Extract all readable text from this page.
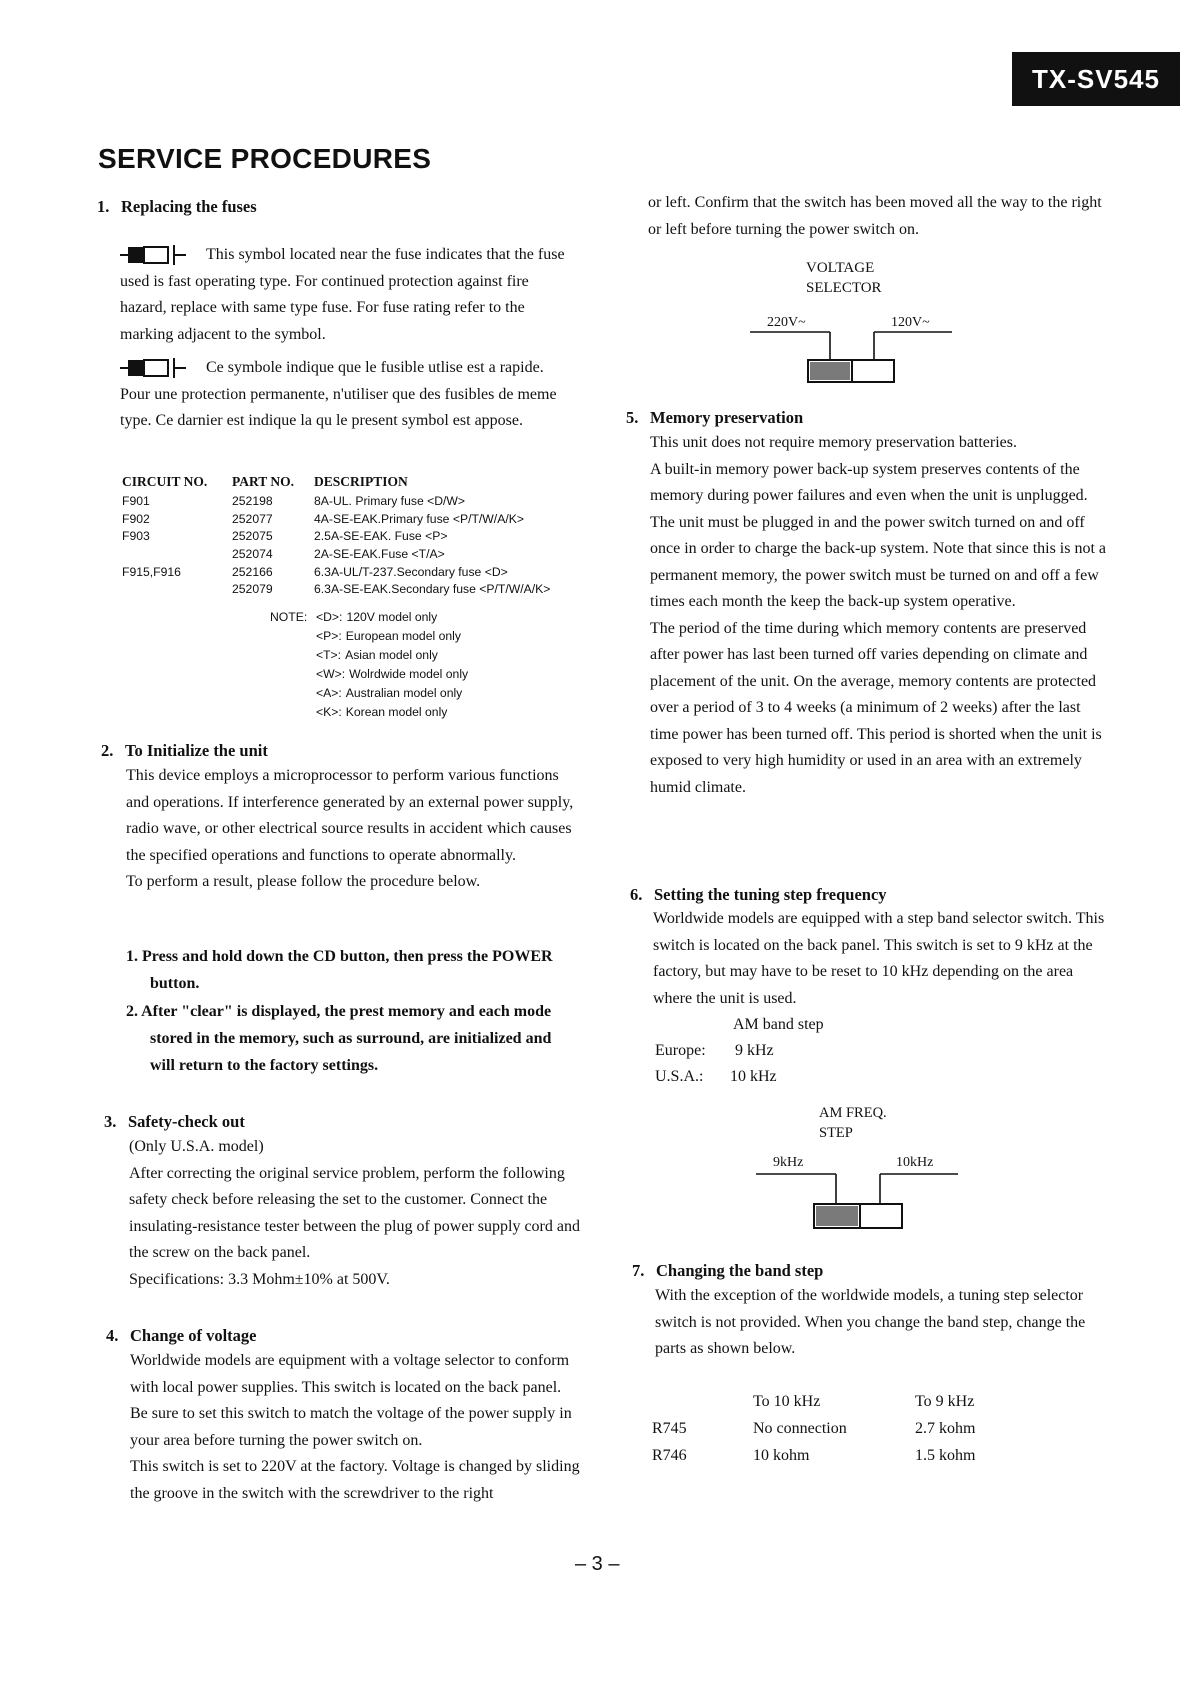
TX-SV545
SERVICE PROCEDURES
1. Replacing the fuses

This symbol located near the fuse indicates that the fuse used is fast operating type. For continued protection against fire hazard, replace with same type fuse. For fuse rating refer to the marking adjacent to the symbol.

Ce symbole indique que le fusible utlise est a rapide. Pour une protection permanente, n'utiliser que des fusibles de meme type. Ce darnier est indique la qu le present symbol est appose.

CIRCUIT NO.	PART NO.	DESCRIPTION
F901	252198	8A-UL. Primary fuse <D/W>
F902	252077	4A-SE-EAK.Primary fuse <P/T/W/A/K>
F903	252075	2.5A-SE-EAK. Fuse <P>
	252074	2A-SE-EAK.Fuse <T/A>
F915,F916	252166	6.3A-UL/T-237.Secondary fuse <D>
	252079	6.3A-SE-EAK.Secondary fuse <P/T/W/A/K>
NOTE: <D>: 120V model only
<P>: European model only
<T>: Asian model only
<W>: Wolrdwide model only
<A>: Australian model only
<K>: Korean model only
2. To Initialize the unit

This device employs a microprocessor to perform various functions and operations. If interference generated by an external power supply, radio wave, or other electrical source results in accident which causes the specified operations and functions to operate abnormally.

To perform a result, please follow the procedure below.

1. Press and hold down the CD button, then press the POWER button.
2. After "clear" is displayed, the prest memory and each mode stored in the memory, such as surround, are initialized and will return to the factory settings.
3. Safety-check out

(Only U.S.A. model)

After correcting the original service problem, perform the following safety check before releasing the set to the customer. Connect the insulating-resistance tester between the plug of power supply cord and the screw on the back panel.

Specifications: 3.3 Mohm±10% at 500V.

4. Change of voltage

Worldwide models are equipment with a voltage selector to conform with local power supplies. This switch is located on the back panel.

Be sure to set this switch to match the voltage of the power supply in your area before turning the power switch on.

This switch is set to 220V at the factory. Voltage is changed by sliding the groove in the switch with the screwdriver to the right

or left. Confirm that the switch has been moved all the way to the right or left before turning the power switch on.
VOLTAGE
SELECTOR
220V~	120V~
5. Memory preservation

This unit does not require memory preservation batteries.

A built-in memory power back-up system preserves contents of the memory during power failures and even when the unit is unplugged.

The unit must be plugged in and the power switch turned on and off once in order to charge the back-up system. Note that since this is not a permanent memory, the power switch must be turned on and off a few times each month the keep the back-up system operative.

The period of the time during which memory contents are preserved after power has last been turned off varies depending on climate and placement of the unit. On the average, memory contents are protected over a period of 3 to 4 weeks (a minimum of 2 weeks) after the last time power has been turned off. This period is shorted when the unit is exposed to very high humidity or used in an area with an extremely humid climate.

6. Setting the tuning step frequency
Worldwide models are equipped with a step band selector switch. This switch is located on the back panel. This switch is set to 9 kHz at the factory, but may have to be reset to 10 kHz depending on the area where the unit is used.
AM band step
Europe: 9 kHz
U.S.A.: 10 kHz
AM FREQ.
STEP
9kHz	10kHz
7. Changing the band step
With the exception of the worldwide models, a tuning step selector switch is not provided. When you change the band step, change the parts as shown below.
	To 10 kHz	To 9 kHz
R745	No connection	2.7 kohm
R746	10 kohm	1.5 kohm
– 3 –
